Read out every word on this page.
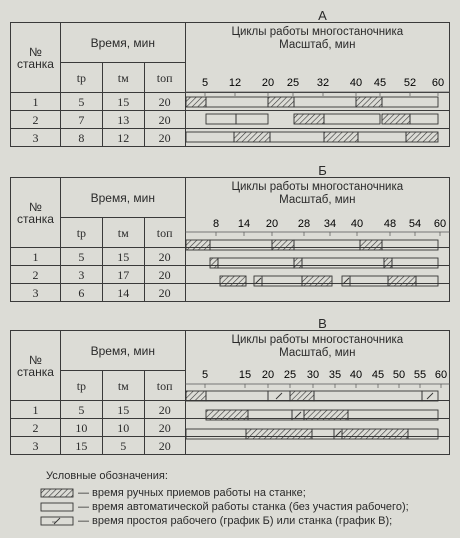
А
№ станка	Время, мин			Циклы работы многостаночника
Масштаб, мин

	tр	tм	tоп	
1	5	15	20	
2	7	13	20	
3	8	12	20	
5 12 20 25 32 40 45 52 60
Б
№ станка	Время, мин			Циклы работы многостаночника
Масштаб, мин

	tр	tм	tоп	
1	5	15	20	
2	3	17	20	
3	6	14	20	
8 14 20 28 34 40 48 54 60
В
№ станка	Время, мин			Циклы работы многостаночника
Масштаб, мин

	tр	tм	tоп	
1	5	15	20	
2	10	10	20	
3	15	5	20	
5	15 20 25 30 35 40 45 50 55 60
Условные обозначения:
— время ручных приемов работы на станке;
— время автоматической работы станка (без участия рабочего);
— время простоя рабочего (график Б) или станка (график В);
